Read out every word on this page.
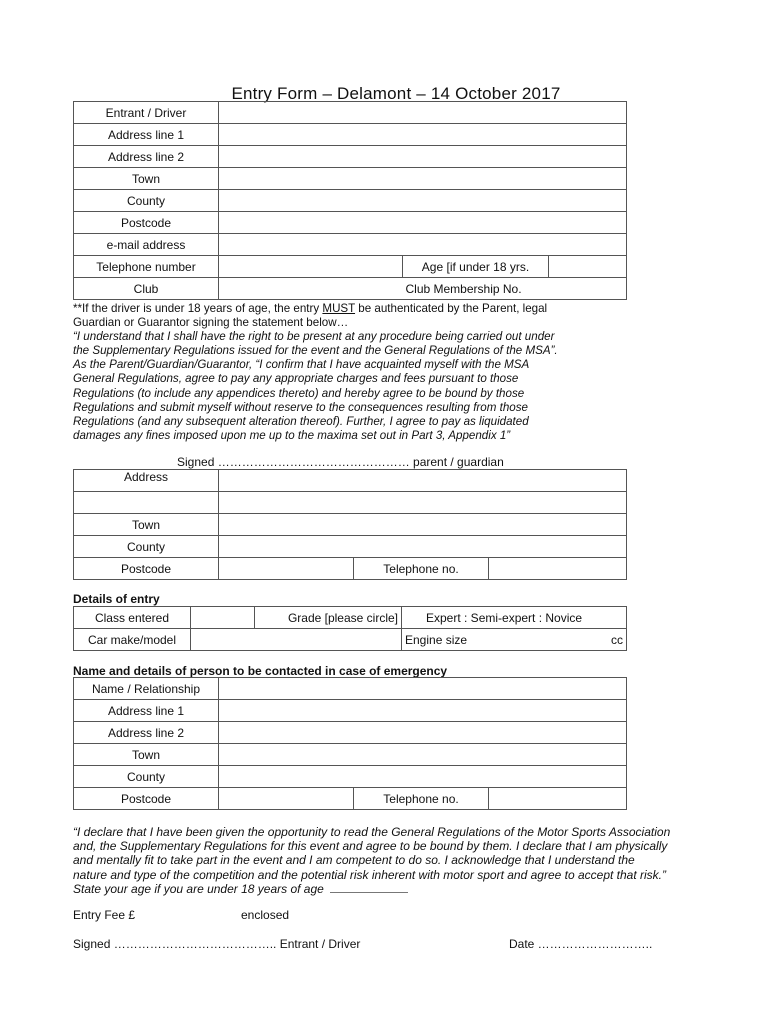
Entry Form – Delamont – 14 October 2017
Entrant / Driver			
Address line 1			
Address line 2			
Town			
County			
Postcode			
e-mail address			
Telephone number		Age [if under 18 yrs.	
Club		Club Membership No.	
**If the driver is under 18 years of age, the entry MUST be authenticated by the Parent, legal
Guardian or Guarantor signing the statement below…
“I understand that I shall have the right to be present at any procedure being carried out under
the Supplementary Regulations issued for the event and the General Regulations of the MSA”.
As the Parent/Guardian/Guarantor, “I confirm that I have acquainted myself with the MSA
General Regulations, agree to pay any appropriate charges and fees pursuant to those
Regulations (to include any appendices thereto) and hereby agree to be bound by those
Regulations and submit myself without reserve to the consequences resulting from those
Regulations (and any subsequent alteration thereof). Further, I agree to pay as liquidated
damages any fines imposed upon me up to the maxima set out in Part 3, Appendix 1”
Signed ………………………………………… parent / guardian
Address			

Town			
County			
Postcode		Telephone no.	
Details of entry
Class entered		Grade [please circle]	Expert : Semi-expert : Novice	
Car make/model			Engine size	cc
Name and details of person to be contacted in case of emergency
Name / Relationship			
Address line 1			
Address line 2			
Town			
County			
Postcode		Telephone no.	
“I declare that I have been given the opportunity to read the General Regulations of the Motor Sports Association
and, the Supplementary Regulations for this event and agree to be bound by them. I declare that I am physically
and mentally fit to take part in the event and I am competent to do so. I acknowledge that I understand the
nature and type of the competition and the potential risk inherent with motor sport and agree to accept that risk.”
State your age if you are under 18 years of age
Entry Fee £	enclosed
Signed ………………………………….. Entrant / Driver	Date ………………………..
